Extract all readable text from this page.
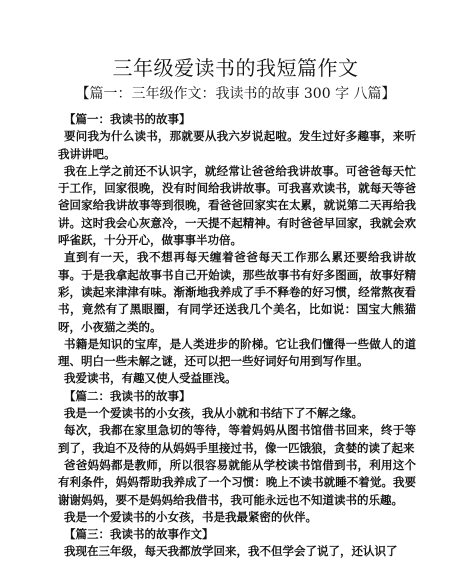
三年级爱读书的我短篇作文
【篇一：三年级作文：我读书的故事 300 字 八篇】

【篇一：我读书的故事】

要问我为什么读书，那就要从我六岁说起啦。发生过好多趣事，来听我讲讲吧。

我在上学之前还不认识字，就经常让爸爸给我讲故事。可爸爸每天忙于工作，回家很晚，没有时间给我讲故事。可我喜欢读书，就每天等爸爸回家给我讲故事等到很晚，看爸爸回家实在太累，就说第二天再给我讲。这时我会心灰意冷，一天提不起精神。有时爸爸早回家，我就会欢呼雀跃，十分开心，做事事半功倍。

直到有一天，我不想再每天缠着爸爸每天工作那么累还要给我讲故事。于是我拿起故事书自己开始读，那些故事书有好多图画，故事好精彩，读起来津津有味。渐渐地我养成了手不释卷的好习惯，经常熬夜看书，竟然有了黑眼圈，有同学还送我几个美名，比如说：国宝大熊猫呀，小夜猫之类的。

书籍是知识的宝库，是人类进步的阶梯。它让我们懂得一些做人的道理、明白一些未解之谜，还可以把一些好词好句用到写作里。

我爱读书，有趣又使人受益匪浅。

【篇二：我读书的故事】

我是一个爱读书的小女孩，我从小就和书结下了不解之缘。

每次，我都在家里急切的等待，等着妈妈从图书馆借书回来，终于等到了，我迫不及待的从妈妈手里接过书，像一匹饿狼，贪婪的读了起来

爸爸妈妈都是教师，所以很容易就能从学校读书馆借到书，利用这个有利条件，妈妈帮助我养成了一个习惯：晚上不读书就睡不着觉。我要谢谢妈妈，要不是妈妈给我借书，我可能永远也不知道读书的乐趣。

我是一个爱读书的小女孩，书是我最紧密的伙伴。

【篇三：我读书的故事作文】

我现在三年级，每天我都放学回来，我不但学会了说了，还认识了
